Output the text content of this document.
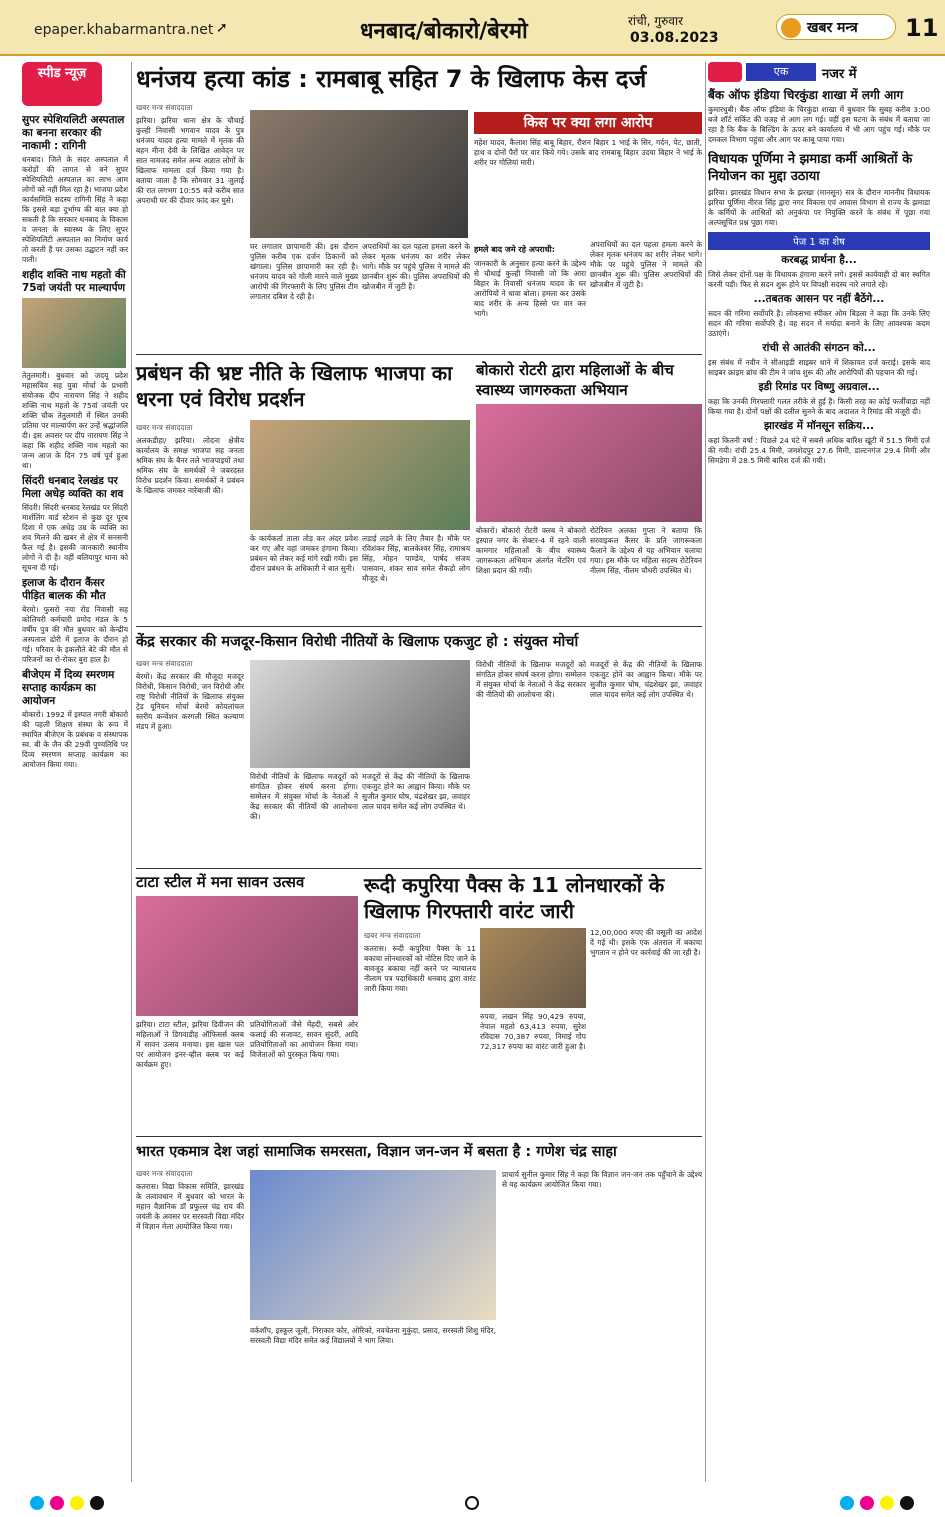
epaper.khabarmantra.net ➚	धनबाद/बोकारो/बेरमो	रांची, गुरुवार
03.08.2023
खबर मन्त्र 11
स्पीड न्यूज़
सुपर स्पेशियलिटी अस्पताल का बनना सरकार की नाकामी : रागिनी
धनबाद। जिले के सदर अस्पताल में करोड़ों की लागत से बने सुपर स्पेशियलिटी अस्पताल का लाभ आम लोगों को नहीं मिल रहा है। भाजपा प्रदेश कार्यसमिति सदस्य रागिनी सिंह ने कहा कि इससे बड़ा दुर्भाग्य की बात क्या हो सकती है कि सरकार धनबाद के विकास व जनता के स्वास्थ्य के लिए सुपर स्पेशियलिटी अस्पताल का निर्माण कार्य तो करती है पर उसका उद्घाटन नहीं कर पाती।
शहीद शक्ति नाथ महतो की 75वां जयंती पर माल्यार्पण
तेतुलमारी। बुधवार को जदयू प्रदेश महासचिव सह युवा मोर्चा के प्रभारी संयोजक दीप नारायण सिंह ने शहीद शक्ति नाथ महतो के 75वां जयंती पर शक्ति चौक तेतुलमारी में स्थित उनकी प्रतिमा पर माल्यार्पण कर उन्हें श्रद्धांजलि दी। इस अवसर पर दीप नारायण सिंह ने कहा कि शहीद शक्ति नाथ महतो का जन्म आज के दिन 75 वर्ष पूर्व हुआ था।
सिंदरी धनबाद रेलखंड पर मिला अधेड़ व्यक्ति का शव
सिंदरी। सिंदरी धनबाद रेलखंड पर सिंदरी मार्शलिंग यार्ड स्टेशन से कुछ दूर पूरब दिशा में एक अधेड़ उम्र के व्यक्ति का शव मिलने की खबर से क्षेत्र में सनसनी फैल गई है। इसकी जानकारी स्थानीय लोगों ने दी है। वहीं बलियापुर थाना को सूचना दी गई।
इलाज के दौरान कैंसर पीड़ित बालक की मौत
बेरमो। फुसरो नया रोड निवासी सह कोलियरी कर्मचारी प्रमोद मंडल के 5 वर्षीय पुत्र की मौत बुधवार को केन्द्रीय अस्पताल ढोरी में इलाज के दौरान हो गई। परिवार के इकलौते बेटे की मौत से परिजनों का रो-रोकर बुरा हाल है।
बीजेएम में दिव्य स्मरणम सप्ताह कार्यक्रम का आयोजन
बोकारो। 1992 में इस्पात नगरी बोकारो की पहली शिक्षण संस्था के रूप में स्थापित बीजेएम के प्रबंधक व संस्थापक स्व. बी के जैन की 29वीं पुण्यतिथि पर दिव्य स्मरणम सप्ताह कार्यक्रम का आयोजन किया गया।
धनंजय हत्या कांड : रामबाबू सहित 7 के खिलाफ केस दर्ज
खबर मन्त्र संवाददाता
झरिया। झरिया थाना क्षेत्र के चौथाई कुल्ही निवासी भगवान यादव के पुत्र धनंजय यादव हत्या मामले में मृतक की बहन मीना देवी के लिखित आवेदन पर सात नामजद समेत अन्य अज्ञात लोगों के खिलाफ मामला दर्ज किया गया है। बताया जाता है कि सोमवार 31 जुलाई की रात लगभग 10:55 बजे करीब सात अपराधी घर की दीवार फांद कर घुसे।
घर लगातार छापामारी की। इस दौरान पुलिस करीब एक दर्जन ठिकानों को खंगाला। पुलिस छापामारी कर रही है। धनंजय यादव को गोली मारने वाले मुख्य आरोपी की गिरफ्तारी के लिए पुलिस टीम लगातार दबिश दे रही है।
अपराधियों का दल पहला हमला करने के लेकर मृतक धनंजय का शरीर लेकर भागे। मौके पर पहुंचे पुलिस ने मामले की छानबीन शुरू की। पुलिस अपराधियों की खोजबीन में जुटी है।
किस पर क्या लगा आरोप
महेश यादव, कैलाश सिंह बाबू बिहार, रौशन बिहार 1 भाई के सिर, गर्दन, पेट, छाती, हाथ व दोनों पैरों पर वार किये गये। उसके बाद रामबाबू बिहार उदया बिहार ने भाई के शरीर पर गोलियां मारी।
हमले बाद जमे रहे अपराधी:
जानकारी के अनुसार हत्या करने के उद्देश्य से चौथाई कुल्ही निवासी जो कि आरा बिहार के निवासी धनंजय यादव के घर आरोपियों ने धावा बोला। हमला कर उसके बाद शरीर के अन्य हिस्से पर वार कर भागे।
अपराधियों का दल पहला हमला करने के लेकर मृतक धनंजय का शरीर लेकर भागे। मौके पर पहुंचे पुलिस ने मामले की छानबीन शुरू की। पुलिस अपराधियों की खोजबीन में जुटी है।
प्रबंधन की भ्रष्ट नीति के खिलाफ भाजपा का धरना एवं विरोध प्रदर्शन
खबर मन्त्र संवाददाता
अलकडीहा/ झरिया। लोदना क्षेत्रीय कार्यालय के समक्ष भाजपा सह जनता श्रमिक संघ के बैनर तले भाजपाइयों तथा श्रमिक संघ के समर्थकों ने जबरदस्त विरोध प्रदर्शन किया। समर्थकों ने प्रबंधन के खिलाफ जमकर नारेबाजी की।
के कार्यकर्ता ताला तोड़ कर अंदर प्रवेश कर गए और वहां जमकर हंगामा किया। प्रबंधन को लेकर कई मांगे रखी गयी। इस दौरान प्रबंधन के अधिकारी ने बात सुनी।
लड़ाई लड़ने के लिए तैयार है। मौके पर रविशंकर सिंह, बालकेश्वर सिंह, रामाश्रय सिंह, मोहन पाण्डेय, पार्षद संजय पासवान, शंकर साव समेत सैकड़ो लोग मौजूद थे।
बोकारो रोटरी द्वारा महिलाओं के बीच स्वास्थ्य जागरुकता अभियान
बोकारो। बोकारो रोटरी क्लब ने बोकारो इस्पात नगर के सेक्टर-4 में रहने वाली कामगार महिलाओं के बीच स्वास्थ्य जागरूकता अभियान अंतर्गत मेंटरिंग एवं शिक्षा प्रदान की गयी।
रोटेरियन अलका गुप्ता ने बताया कि सरवाइकल कैंसर के प्रति जागरूकता फैलाने के उद्देश्य से यह अभियान चलाया गया। इस मौके पर महिला सदस्य रोटेरियन नीलम सिंह, नीलम चौधरी उपस्थित थे।
केंद्र सरकार की मजदूर-किसान विरोधी नीतियों के खिलाफ एकजुट हो : संयुक्त मोर्चा
खबर मन्त्र संवाददाता
बेरमो। केंद्र सरकार की मौजूदा मजदूर विरोधी, किसान विरोधी, जन विरोधी और राष्ट्र विरोधी नीतियों के खिलाफ संयुक्त ट्रेड यूनियन मोर्चा बेरमो कोयलांचल स्तरीय कन्वेंशन करगली स्थित कल्याण मंडप में हुआ।
विरोधी नीतियों के खिलाफ मजदूरों को संगठित होकर संघर्ष करना होगा। सम्मेलन में संयुक्त मोर्चा के नेताओं ने केंद्र सरकार की नीतियों की आलोचना की।
मजदूरों से केंद्र की नीतियों के खिलाफ एकजुट होने का आह्वान किया। मौके पर सुजीत कुमार घोष, चंद्रशेखर झा, जवाहर लाल यादव समेत कई लोग उपस्थित थे।
विरोधी नीतियों के खिलाफ मजदूरों को संगठित होकर संघर्ष करना होगा। सम्मेलन में संयुक्त मोर्चा के नेताओं ने केंद्र सरकार की नीतियों की आलोचना की।
मजदूरों से केंद्र की नीतियों के खिलाफ एकजुट होने का आह्वान किया। मौके पर सुजीत कुमार घोष, चंद्रशेखर झा, जवाहर लाल यादव समेत कई लोग उपस्थित थे।
टाटा स्टील में मना सावन उत्सव
झरिया। टाटा स्टील, झरिया डिवीजन की महिलाओं ने डिगवाडीह ऑफिसर्स क्लब में सावन उत्सव मनाया। इस खास पल पर आयोजन इनर-व्हील क्लब पर कई कार्यक्रम हुए।
प्रतियोगिताओं जैसे मेंहदी, सबसे ओर कलाई की सजावट, सावन सुंदरी, आदि प्रतियोगिताओं का आयोजन किया गया। विजेताओं को पुरस्कृत किया गया।
रूदी कपुरिया पैक्स के 11 लोनधारकों के खिलाफ गिरफ्तारी वारंट जारी
खबर मन्त्र संवाददाता
कतरास। रूदी कपुरिया पैक्स के 11 बकाया लोनधारकों को नोटिस दिए जाने के बावजूद बकाया नहीं करने पर न्यायालय नीलाम पत्र पदाधिकारी धनबाद द्वारा वारंट जारी किया गया।
रुपया, लखन सिंह 90,429 रुपया, नेपाल महतो 63,413 रुपया, सुरेश रविदास 70,387 रुपया, निमाई गोप 72,317 रुपया का वारंट जारी हुआ है।
12,00,000 रुपए की वसूली का आदेश दें गई थी। इसके एक अंतराल में बकाया भुगतान न होने पर कार्रवाई की जा रही है।
भारत एकमात्र देश जहां सामाजिक समरसता, विज्ञान जन-जन में बसता है : गणेश चंद्र साहा
खबर मन्त्र संवाददाता
कतरास। विद्या विकास समिति, झारखंड के तत्वावधान में बुधवार को भारत के महान वैज्ञानिक डॉ प्रफुल्ल चंद्र राय की जयंती के अवसर पर सरस्वती विद्या मंदिर में विज्ञान मेला आयोजित किया गया।
वर्कशॉप, इस्कूल जूली, निराकार कोर, ओरिको, नवचेतना मुकुंदा, प्रसाद, सरस्वती शिशु मंदिर, सरस्वती विद्या मंदिर समेत कई विद्यालयों ने भाग लिया।
प्राचार्य सुनील कुमार सिंह ने कहा कि विज्ञान जन-जन तक पहुँचाने के उद्देश्य से यह कार्यक्रम आयोजित किया गया।
एक	नजर में
बैंक ऑफ इंडिया चिरकुंडा शाखा में लगी आग
कुमारधुबी। बैंक ऑफ इंडिया के चिरकुंडा शाखा में बुधवार कि सुबह करीब 3:00 बजे शॉर्ट सर्किट की वजह से आग लग गई। वहीं इस घटना के संबंध में बताया जा रहा है कि बैंक के बिल्डिंग के ऊपर बने कार्यालय में भी आग पहुंच गई। मौके पर दमकल विभाग पहुंचा और आग पर काबू पाया गया।
विधायक पूर्णिमा ने झमाडा कर्मी आश्रितों के नियोजन का मुद्दा उठाया
झरिया। झारखंड विधान सभा के झरखा (मानसून) सत्र के दौरान माननीय विधायक झरिया पूर्णिमा नीरज सिंह द्वारा नगर विकास एवं आवास विभाग से राज्य के झमाडा के कर्मियों के आश्रितों को अनुकंपा पर नियुक्ति करने के संबंध में पूछा गया अल्पसूचित प्रश्न पूछा गया।
पेज 1 का शेष
करबद्ध प्रार्थना है...
जिसे लेकर दोनों पक्ष के विधायक हंगामा करने लगे। इससे कार्यवाही दो बार स्थगित करनी पड़ी। फिर से सदन शुरू होने पर विपक्षी सदस्य नारे लगाते रहे।
...तबतक आसन पर नहीं बैठेंगे...
सदन की गरिमा सर्वोपरि है। लोकसभा स्पीकर ओम बिड़ला ने कहा कि उनके लिए सदन की गरिमा सर्वोपरि है। वह सदन में मर्यादा बनाने के लिए आवश्यक कदम उठाएंगे।
रांची से आतंकी संगठन को...
इस संबंध में नवीन ने सीआइडी साइबर थाने में शिकायत दर्ज कराई। इसके बाद साइबर क्राइम ब्रांच की टीम ने जांच शुरू की और आरोपियों की पहचान की गई।
इडी रिमांड पर विष्णु अग्रवाल...
कहा कि उनकी गिरफ्तारी गलत तरीके से हुई है। किसी तरह का कोई फर्जीवाड़ा नहीं किया गया है। दोनों पक्षों की दलील सुनने के बाद अदालत ने रिमांड की मंजूरी दी।
झारखंड में मॉनसून सक्रिय...
कहां कितनी वर्षा : पिछले 24 घंटे में सबसे अधिक बारिश खूंटी में 51.5 मिमी दर्ज की गयी। रांची 25.4 मिमी, जमशेदपुर 27.6 मिमी, डाल्टनगंज 29.4 मिमी और सिमडेगा में 28.5 मिमी बारिश दर्ज की गयी।
